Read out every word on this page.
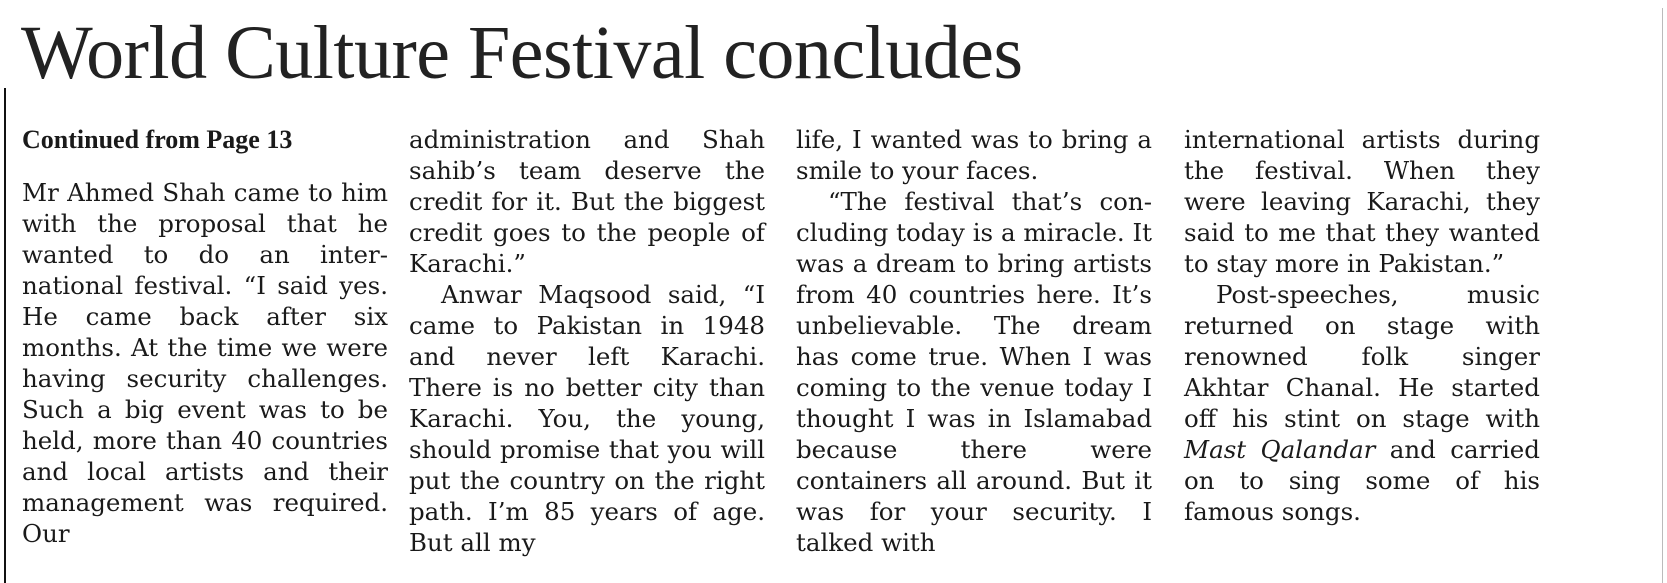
World Culture Festival concludes
Continued from Page 13

Mr Ahmed Shah came to him with the proposal that he wanted to do an international festival. “I said yes. He came back after six months. At the time we were having security challenges. Such a big event was to be held, more than 40 countries and local artists and their management was required. Our

administration and Shah sahib’s team deserve the credit for it. But the biggest credit goes to the people of Karachi.”

Anwar Maqsood said, “I came to Pakistan in 1948 and never left Karachi. There is no better city than Karachi. You, the young, should promise that you will put the country on the right path. I’m 85 years of age. But all my

life, I wanted was to bring a smile to your faces.

“The festival that’s concluding today is a miracle. It was a dream to bring artists from 40 countries here. It’s unbelievable. The dream has come true. When I was coming to the venue today I thought I was in Islamabad because there were containers all around. But it was for your security. I talked with

international artists during the festival. When they were leaving Karachi, they said to me that they wanted to stay more in Pakistan.”

Post-speeches, music returned on stage with renowned folk singer Akhtar Chanal. He started off his stint on stage with Mast Qalandar and carried on to sing some of his famous songs.
